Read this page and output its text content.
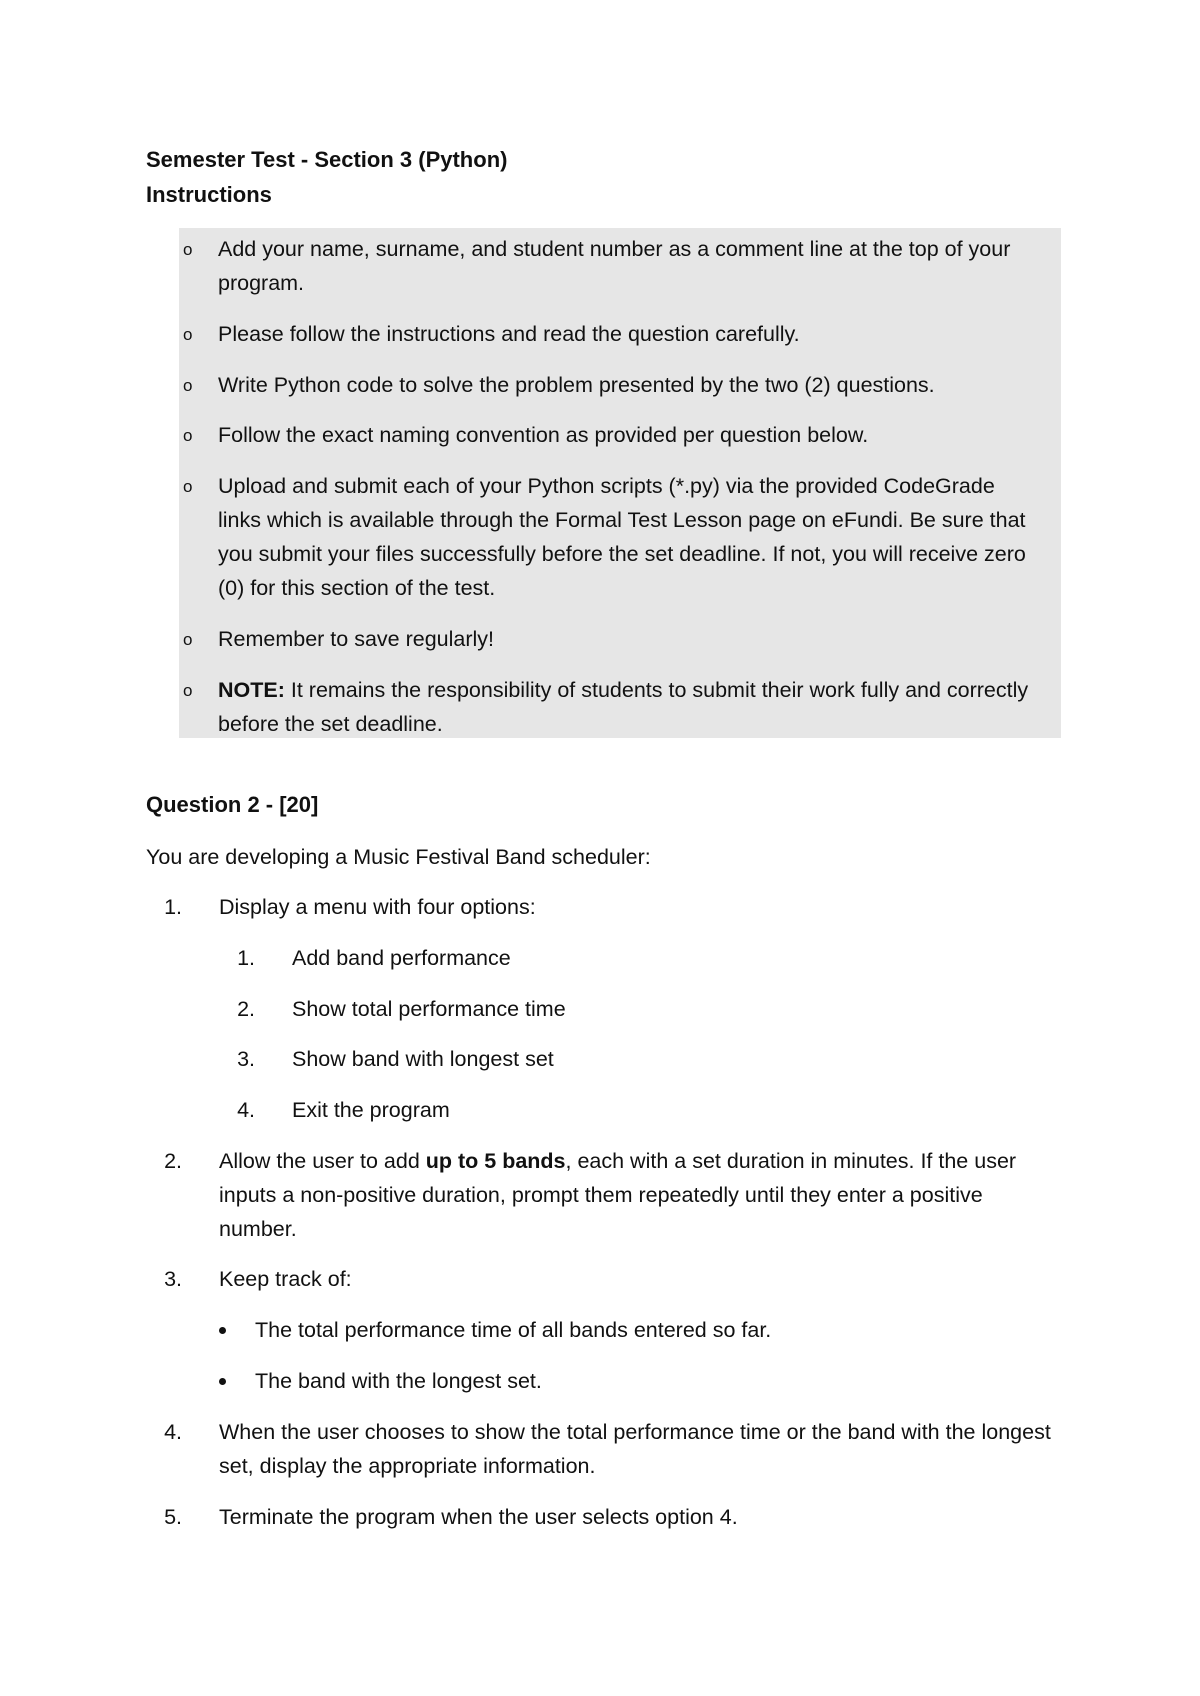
Semester Test - Section 3 (Python)
Instructions
o Add your name, surname, and student number as a comment line at the top of your program.
o Please follow the instructions and read the question carefully.
o Write Python code to solve the problem presented by the two (2) questions.
o Follow the exact naming convention as provided per question below.
o Upload and submit each of your Python scripts (*.py) via the provided CodeGrade links which is available through the Formal Test Lesson page on eFundi. Be sure that you submit your files successfully before the set deadline. If not, you will receive zero (0) for this section of the test.
o Remember to save regularly!
o NOTE: It remains the responsibility of students to submit their work fully and correctly before the set deadline.
Question 2 - [20]
You are developing a Music Festival Band scheduler:
1. Display a menu with four options:
1. Add band performance
2. Show total performance time
3. Show band with longest set
4. Exit the program
2. Allow the user to add up to 5 bands, each with a set duration in minutes. If the user inputs a non-positive duration, prompt them repeatedly until they enter a positive number.
3. Keep track of:
The total performance time of all bands entered so far.
The band with the longest set.
4. When the user chooses to show the total performance time or the band with the longest set, display the appropriate information.
5. Terminate the program when the user selects option 4.
